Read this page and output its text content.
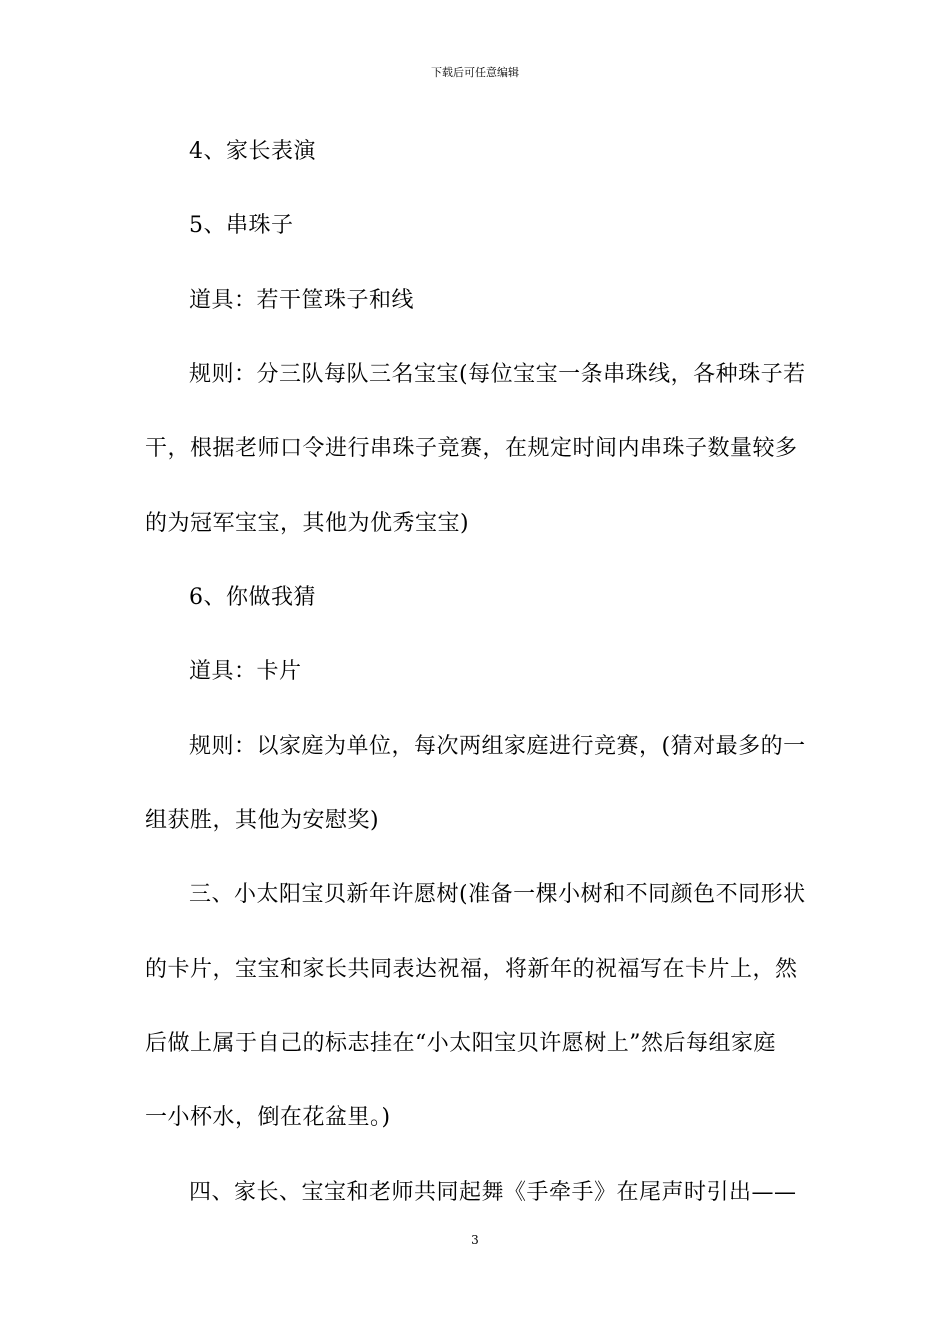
下载后可任意编辑
4、家长表演
5、串珠子
道具：若干筐珠子和线
规则：分三队每队三名宝宝(每位宝宝一条串珠线，各种珠子若
干，根据老师口令进行串珠子竞赛，在规定时间内串珠子数量较多
的为冠军宝宝，其他为优秀宝宝)
6、你做我猜
道具：卡片
规则：以家庭为单位，每次两组家庭进行竞赛，(猜对最多的一
组获胜，其他为安慰奖)
三、小太阳宝贝新年许愿树(准备一棵小树和不同颜色不同形状
的卡片，宝宝和家长共同表达祝福，将新年的祝福写在卡片上，然
后做上属于自己的标志挂在“小太阳宝贝许愿树上”然后每组家庭
一小杯水，倒在花盆里。)
四、家长、宝宝和老师共同起舞《手牵手》在尾声时引出——
3
